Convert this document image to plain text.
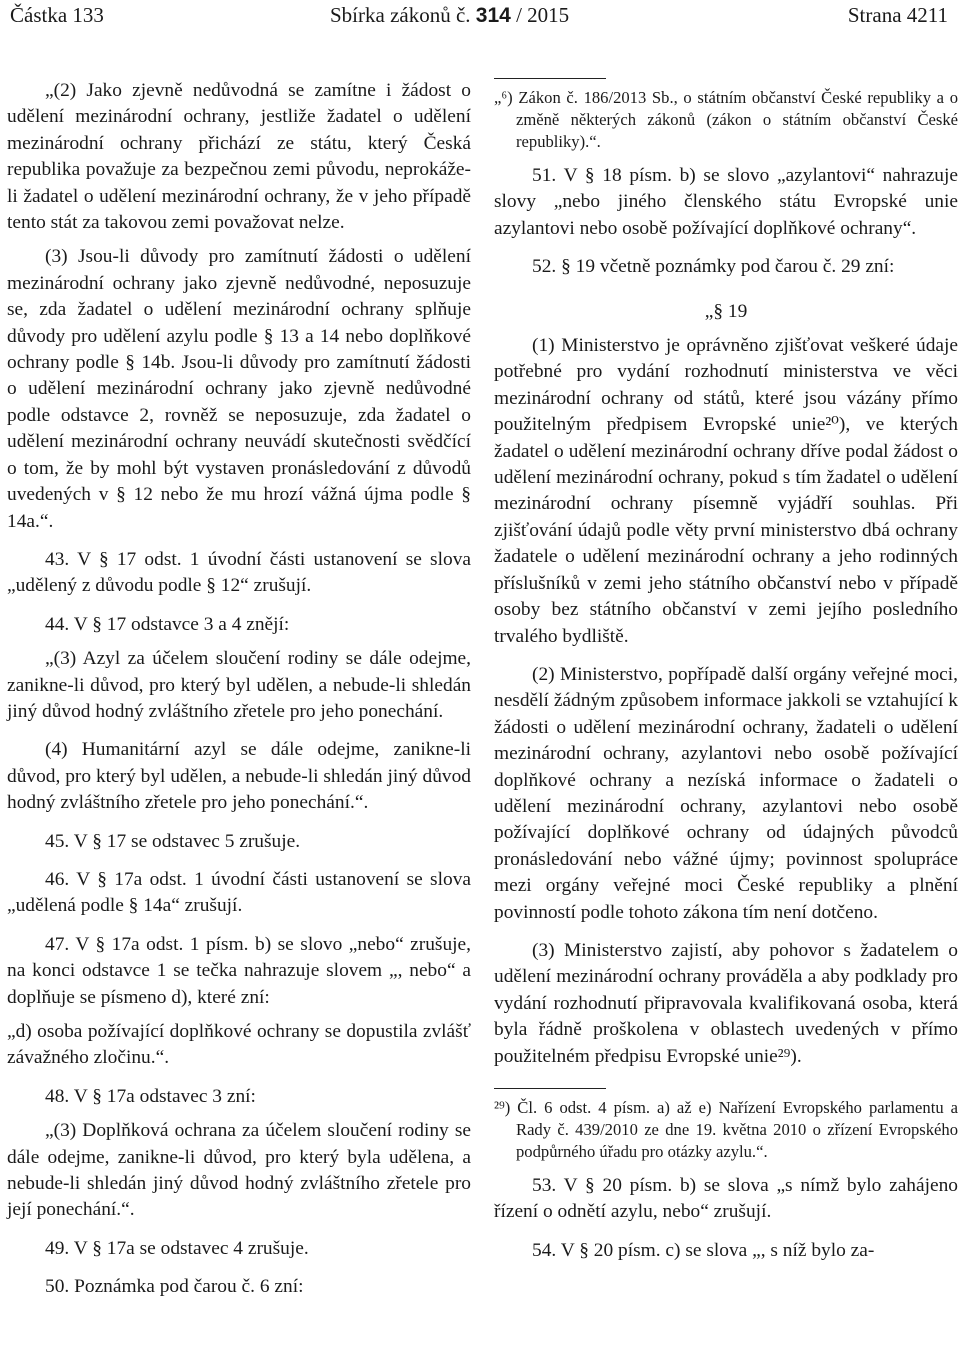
Částka 133	Sbírka zákonů č. 314 / 2015	Strana 4211

„(2) Jako zjevně nedůvodná se zamítne i žádost o udělení mezinárodní ochrany, jestliže žadatel o udělení mezinárodní ochrany přichází ze státu, který Česká republika považuje za bezpečnou zemi původu, neprokáže-li žadatel o udělení mezinárodní ochrany, že v jeho případě tento stát za takovou zemi považovat nelze.

(3) Jsou-li důvody pro zamítnutí žádosti o udělení mezinárodní ochrany jako zjevně nedůvodné, neposuzuje se, zda žadatel o udělení mezinárodní ochrany splňuje důvody pro udělení azylu podle § 13 a 14 nebo doplňkové ochrany podle § 14b. Jsou-li důvody pro zamítnutí žádosti o udělení mezinárodní ochrany jako zjevně nedůvodné podle odstavce 2, rovněž se neposuzuje, zda žadatel o udělení mezinárodní ochrany neuvádí skutečnosti svědčící o tom, že by mohl být vystaven pronásledování z důvodů uvedených v § 12 nebo že mu hrozí vážná újma podle § 14a.“.

43. V § 17 odst. 1 úvodní části ustanovení se slova „udělený z důvodu podle § 12“ zrušují.

44. V § 17 odstavce 3 a 4 znějí:

„(3) Azyl za účelem sloučení rodiny se dále odejme, zanikne-li důvod, pro který byl udělen, a nebude-li shledán jiný důvod hodný zvláštního zřetele pro jeho ponechání.

(4) Humanitární azyl se dále odejme, zanikne-li důvod, pro který byl udělen, a nebude-li shledán jiný důvod hodný zvláštního zřetele pro jeho ponechání.“.

45. V § 17 se odstavec 5 zrušuje.

46. V § 17a odst. 1 úvodní části ustanovení se slova „udělená podle § 14a“ zrušují.

47. V § 17a odst. 1 písm. b) se slovo „nebo“ zrušuje, na konci odstavce 1 se tečka nahrazuje slovem „, nebo“ a doplňuje se písmeno d), které zní:

„d) osoba požívající doplňkové ochrany se dopustila zvlášť závažného zločinu.“.

48. V § 17a odstavec 3 zní:

„(3) Doplňková ochrana za účelem sloučení rodiny se dále odejme, zanikne-li důvod, pro který byla udělena, a nebude-li shledán jiný důvod hodný zvláštního zřetele pro její ponechání.“.

49. V § 17a se odstavec 4 zrušuje.

50. Poznámka pod čarou č. 6 zní:

„⁶) Zákon č. 186/2013 Sb., o státním občanství České republiky a o změně některých zákonů (zákon o státním občanství České republiky).“.

51. V § 18 písm. b) se slovo „azylantovi“ nahrazuje slovy „nebo jiného členského státu Evropské unie azylantovi nebo osobě požívající doplňkové ochrany“.

52. § 19 včetně poznámky pod čarou č. 29 zní:

„§ 19

(1) Ministerstvo je oprávněno zjišťovat veškeré údaje potřebné pro vydání rozhodnutí ministerstva ve věci mezinárodní ochrany od států, které jsou vázány přímo použitelným předpisem Evropské unie²⁰), ve kterých žadatel o udělení mezinárodní ochrany dříve podal žádost o udělení mezinárodní ochrany, pokud s tím žadatel o udělení mezinárodní ochrany písemně vyjádří souhlas. Při zjišťování údajů podle věty první ministerstvo dbá ochrany žadatele o udělení mezinárodní ochrany a jeho rodinných příslušníků v zemi jeho státního občanství nebo v případě osoby bez státního občanství v zemi jejího posledního trvalého bydliště.

(2) Ministerstvo, popřípadě další orgány veřejné moci, nesdělí žádným způsobem informace jakkoli se vztahující k žádosti o udělení mezinárodní ochrany, žadateli o udělení mezinárodní ochrany, azylantovi nebo osobě požívající doplňkové ochrany a nezíská informace o žadateli o udělení mezinárodní ochrany, azylantovi nebo osobě požívající doplňkové ochrany od údajných původců pronásledování nebo vážné újmy; povinnost spolupráce mezi orgány veřejné moci České republiky a plnění povinností podle tohoto zákona tím není dotčeno.

(3) Ministerstvo zajistí, aby pohovor s žadatelem o udělení mezinárodní ochrany prováděla a aby podklady pro vydání rozhodnutí připravovala kvalifikovaná osoba, která byla řádně proškolena v oblastech uvedených v přímo použitelném předpisu Evropské unie²⁹).

²⁹) Čl. 6 odst. 4 písm. a) až e) Nařízení Evropského parlamentu a Rady č. 439/2010 ze dne 19. května 2010 o zřízení Evropského podpůrného úřadu pro otázky azylu.“.

53. V § 20 písm. b) se slova „s nímž bylo zahájeno řízení o odnětí azylu, nebo“ zrušují.

54. V § 20 písm. c) se slova „, s níž bylo za-
